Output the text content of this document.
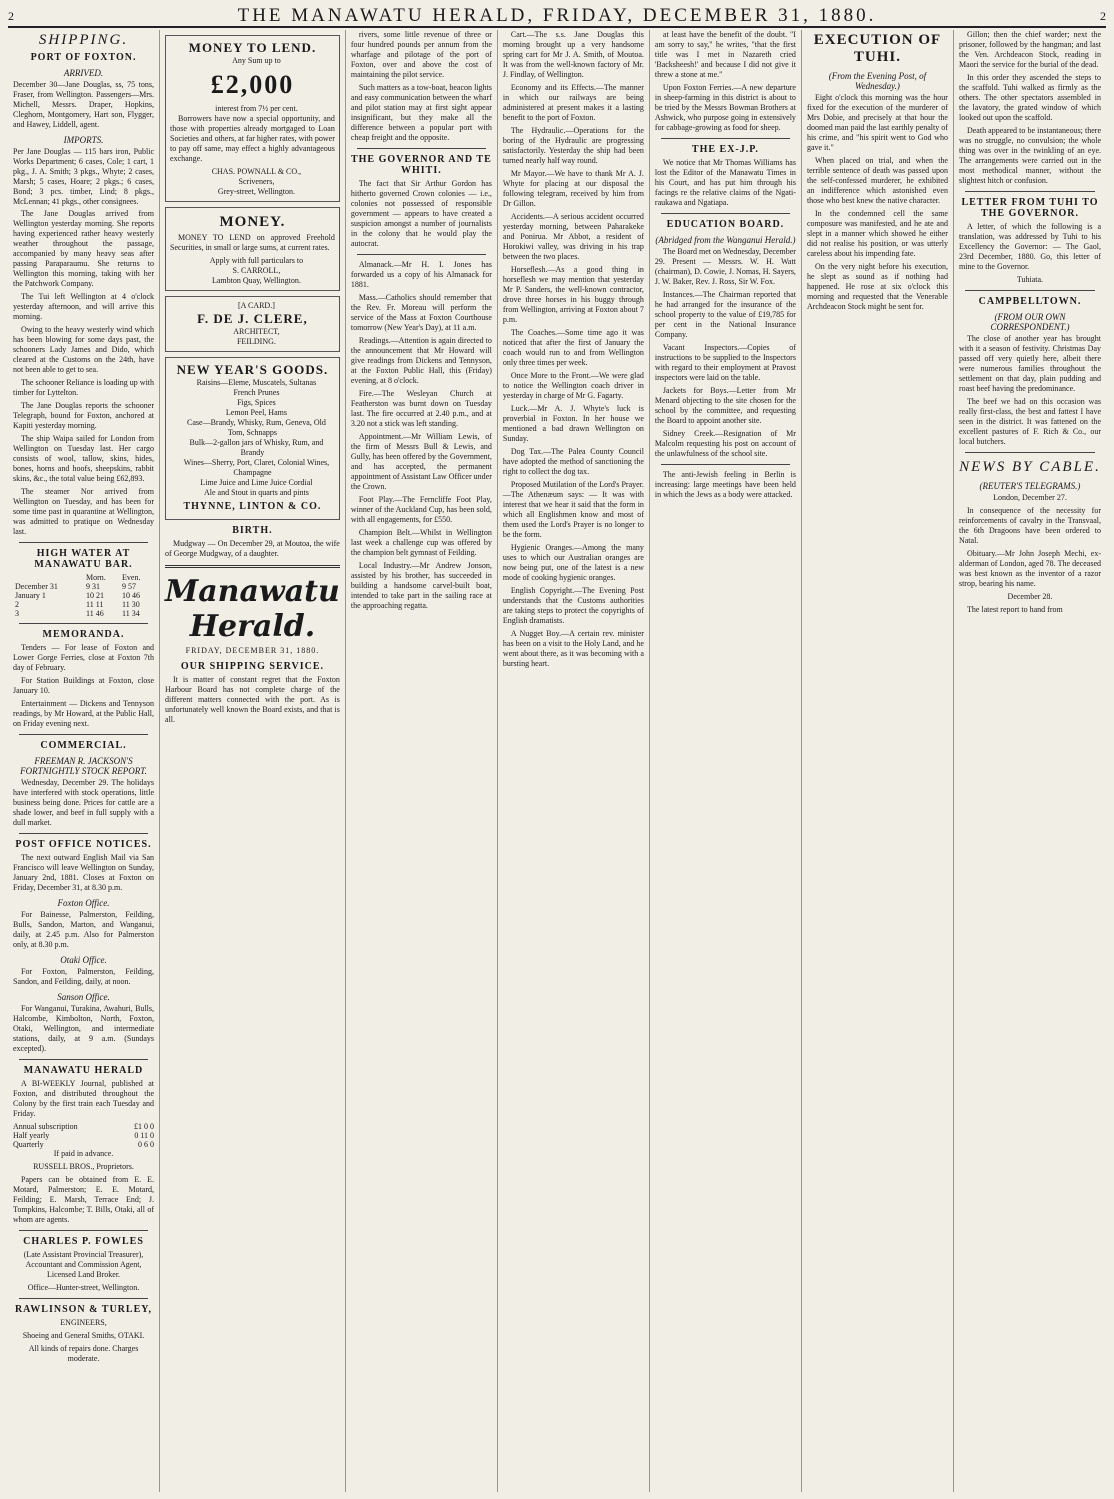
2	THE MANAWATU HERALD, FRIDAY, DECEMBER 31, 1880.	2
SHIPPING.
PORT OF FOXTON.
ARRIVED.
December 30—Jane Douglas, ss, 75 tons, Fraser, from Wellington. Passengers—Mrs. Michell, Messrs. Draper, Hopkins, Cleghorn, Montgomery, Hart son, Flygger, and Hawey, Liddell, agent.
IMPORTS.
Per Jane Douglas — 115 bars iron, Public Works Department; 6 cases, Cole; 1 cart, 1 pkg., J. A. Smith; 3 pkgs., Whyte; 2 cases, Marsh; 5 cases, Hoare; 2 pkgs.; 6 cases, Bond; 3 pcs. timber, Lind; 8 pkgs., McLennan; 41 pkgs., other consignees.

The Jane Douglas arrived from Wellington yesterday morning. She reports having experienced rather heavy westerly weather throughout the passage, accompanied by many heavy seas after passing Paraparaumu. She returns to Wellington this morning, taking with her the Patchwork Company.

The Tui left Wellington at 4 o'clock yesterday afternoon, and will arrive this morning.

Owing to the heavy westerly wind which has been blowing for some days past, the schooners Lady James and Dido, which cleared at the Customs on the 24th, have not been able to get to sea.

The schooner Reliance is loading up with timber for Lyttelton.

The Jane Douglas reports the schooner Telegraph, bound for Foxton, anchored at Kapiti yesterday morning.

The ship Waipa sailed for London from Wellington on Tuesday last. Her cargo consists of wool, tallow, skins, hides, bones, horns and hoofs, sheepskins, rabbit skins, &c., the total value being £62,893.

The steamer Nor arrived from Wellington on Tuesday, and has been for some time past in quarantine at Wellington, was admitted to pratique on Wednesday last.

HIGH WATER AT MANAWATU BAR.
	Morn.	Even.
December 31	9 31	9 57
January 1	10 21	10 46
2	11 11	11 30
3	11 46	11 34
MEMORANDA.

Tenders — For lease of Foxton and Lower Gorge Ferries, close at Foxton 7th day of February.

For Station Buildings at Foxton, close January 10.

Entertainment — Dickens and Tennyson readings, by Mr Howard, at the Public Hall, on Friday evening next.

COMMERCIAL.
FREEMAN R. JACKSON'S FORTNIGHTLY STOCK REPORT.

Wednesday, December 29. The holidays have interfered with stock operations, little business being done. Prices for cattle are a shade lower, and beef in full supply with a dull market.

POST OFFICE NOTICES.

The next outward English Mail via San Francisco will leave Wellington on Sunday, January 2nd, 1881. Closes at Foxton on Friday, December 31, at 8.30 p.m.

Foxton Office.

For Bainesse, Palmerston, Feilding, Bulls, Sandon, Marton, and Wanganui, daily, at 2.45 p.m. Also for Palmerston only, at 8.30 p.m.

Otaki Office.

For Foxton, Palmerston, Feilding, Sandon, and Feilding, daily, at noon.

Sanson Office.

For Wanganui, Turakina, Awahuri, Bulls, Halcombe, Kimbolton, North, Foxton, Otaki, Wellington, and intermediate stations, daily, at 9 a.m. (Sundays excepted).

MANAWATU HERALD

A BI-WEEKLY Journal, published at Foxton, and distributed throughout the Colony by the first train each Tuesday and Friday.

Annual subscription	£1 0 0
Half yearly	0 11 0
Quarterly	0 6 0

If paid in advance.

RUSSELL BROS., Proprietors.

Papers can be obtained from E. E. Motard, Palmerston; E. E. Motard, Feilding; E. Marsh, Terrace End; J. Tompkins, Halcombe; T. Bills, Otaki, all of whom are agents.

CHARLES P. FOWLES

(Late Assistant Provincial Treasurer), Accountant and Commission Agent, Licensed Land Broker.

Office—Hunter-street, Wellington.

RAWLINSON & TURLEY,

ENGINEERS,

Shoeing and General Smiths, OTAKI.

All kinds of repairs done. Charges moderate.

MONEY TO LEND.

Any Sum up to

£2,000

interest from 7½ per cent.

Borrowers have now a special opportunity, and those with properties already mortgaged to Loan Societies and others, at far higher rates, with power to pay off same, may effect a highly advantageous exchange.

CHAS. POWNALL & CO.,

Scriveners,

Grey-street, Wellington.

MONEY.

MONEY TO LEND on approved Freehold Securities, in small or large sums, at current rates.

Apply with full particulars to

S. CARROLL,

Lambton Quay, Wellington.

[A CARD.]

F. DE J. CLERE,

ARCHITECT,

FEILDING.

NEW YEAR'S GOODS.

Raisins—Eleme, Muscatels, Sultanas

French Prunes

Figs, Spices

Lemon Peel, Hams

Case—Brandy, Whisky, Rum, Geneva, Old Tom, Schnapps

Bulk—2-gallon jars of Whisky, Rum, and Brandy

Wines—Sherry, Port, Claret, Colonial Wines, Champagne

Lime Juice and Lime Juice Cordial

Ale and Stout in quarts and pints

THYNNE, LINTON & CO.
BIRTH.

Mudgway — On December 29, at Moutoa, the wife of George Mudgway, of a daughter.

Manawatu Herald.
FRIDAY, DECEMBER 31, 1880.
OUR SHIPPING SERVICE.

It is matter of constant regret that the Foxton Harbour Board has not complete charge of the different matters connected with the port. As is unfortunately well known the Board exists, and that is all.

rivers, some little revenue of three or four hundred pounds per annum from the wharfage and pilotage of the port of Foxton, over and above the cost of maintaining the pilot service.

Such matters as a tow-boat, beacon lights and easy communication between the wharf and pilot station may at first sight appear insignificant, but they make all the difference between a popular port with cheap freight and the opposite.

THE GOVERNOR AND TE WHITI.

The fact that Sir Arthur Gordon has hitherto governed Crown colonies — i.e., colonies not possessed of responsible government — appears to have created a suspicion amongst a number of journalists in the colony that he would play the autocrat.

Almanack.—Mr H. I. Jones has forwarded us a copy of his Almanack for 1881.

Mass.—Catholics should remember that the Rev. Fr. Moreau will perform the service of the Mass at Foxton Courthouse tomorrow (New Year's Day), at 11 a.m.

Readings.—Attention is again directed to the announcement that Mr Howard will give readings from Dickens and Tennyson, at the Foxton Public Hall, this (Friday) evening, at 8 o'clock.

Fire.—The Wesleyan Church at Featherston was burnt down on Tuesday last. The fire occurred at 2.40 p.m., and at 3.20 not a stick was left standing.

Appointment.—Mr William Lewis, of the firm of Messrs Bull & Lewis, and Gully, has been offered by the Government, and has accepted, the permanent appointment of Assistant Law Officer under the Crown.

Foot Play.—The Ferncliffe Foot Play, winner of the Auckland Cup, has been sold, with all engagements, for £550.

Champion Belt.—Whilst in Wellington last week a challenge cup was offered by the champion belt gymnast of Feilding.

Local Industry.—Mr Andrew Jonson, assisted by his brother, has succeeded in building a handsome carvel-built boat, intended to take part in the sailing race at the approaching regatta.

Cart.—The s.s. Jane Douglas this morning brought up a very handsome spring cart for Mr J. A. Smith, of Moutoa. It was from the well-known factory of Mr. J. Findlay, of Wellington.

Economy and its Effects.—The manner in which our railways are being administered at present makes it a lasting benefit to the port of Foxton.

The Hydraulic.—Operations for the boring of the Hydraulic are progressing satisfactorily. Yesterday the ship had been turned nearly half way round.

Mr Mayor.—We have to thank Mr A. J. Whyte for placing at our disposal the following telegram, received by him from Dr Gillon.

Accidents.—A serious accident occurred yesterday morning, between Paharakeke and Ponirua. Mr Abbot, a resident of Horokiwi valley, was driving in his trap between the two places.

Horseflesh.—As a good thing in horseflesh we may mention that yesterday Mr P. Sanders, the well-known contractor, drove three horses in his buggy through from Wellington, arriving at Foxton about 7 p.m.

The Coaches.—Some time ago it was noticed that after the first of January the coach would run to and from Wellington only three times per week.

Once More to the Front.—We were glad to notice the Wellington coach driver in yesterday in charge of Mr G. Fagarty.

Luck.—Mr A. J. Whyte's luck is proverbial in Foxton. In her house we mentioned a bad drawn Wellington on Sunday.

Dog Tax.—The Palea County Council have adopted the method of sanctioning the right to collect the dog tax.

Proposed Mutilation of the Lord's Prayer.—The Athenæum says: — It was with interest that we hear it said that the form in which all Englishmen know and most of them used the Lord's Prayer is no longer to be the form.

Hygienic Oranges.—Among the many uses to which our Australian oranges are now being put, one of the latest is a new mode of cooking hygienic oranges.

English Copyright.—The Evening Post understands that the Customs authorities are taking steps to protect the copyrights of English dramatists.

A Nugget Boy.—A certain rev. minister has been on a visit to the Holy Land, and he went about there, as it was becoming with a bursting heart.

at least have the benefit of the doubt. "I am sorry to say," he writes, "that the first title was I met in Nazareth cried 'Backsheesh!' and because I did not give it threw a stone at me."

Upon Foxton Ferries.—A new departure in sheep-farming in this district is about to be tried by the Messrs Bowman Brothers at Ashwick, who purpose going in extensively for cabbage-growing as food for sheep.

THE EX-J.P.

We notice that Mr Thomas Williams has lost the Editor of the Manawatu Times in his Court, and has put him through his facings re the relative claims of the Ngati-raukawa and Ngatiapa.

EDUCATION BOARD.
(Abridged from the Wanganui Herald.)

The Board met on Wednesday, December 29. Present — Messrs. W. H. Watt (chairman), D. Cowie, J. Nomas, H. Sayers, J. W. Baker, Rev. J. Ross, Sir W. Fox.

Instances.—The Chairman reported that he had arranged for the insurance of the school property to the value of £19,785 for per cent in the National Insurance Company.

Vacant Inspectors.—Copies of instructions to be supplied to the Inspectors with regard to their employment at Pravost inspectors were laid on the table.

Jackets for Boys.—Letter from Mr Menard objecting to the site chosen for the school by the committee, and requesting the Board to appoint another site.

Sidney Creek.—Resignation of Mr Malcolm requesting his post on account of the unlawfulness of the school site.

The anti-Jewish feeling in Berlin is increasing: large meetings have been held in which the Jews as a body were attacked.

EXECUTION OF TUHI.
(From the Evening Post, of Wednesday.)

Eight o'clock this morning was the hour fixed for the execution of the murderer of Mrs Dobie, and precisely at that hour the doomed man paid the last earthly penalty of his crime, and "his spirit went to God who gave it."

When placed on trial, and when the terrible sentence of death was passed upon the self-confessed murderer, he exhibited an indifference which astonished even those who best knew the native character.

In the condemned cell the same composure was manifested, and he ate and slept in a manner which showed he either did not realise his position, or was utterly careless about his impending fate.

On the very night before his execution, he slept as sound as if nothing had happened. He rose at six o'clock this morning and requested that the Venerable Archdeacon Stock might be sent for.

Gillon; then the chief warder; next the prisoner, followed by the hangman; and last the Ven. Archdeacon Stock, reading in Maori the service for the burial of the dead.

In this order they ascended the steps to the scaffold. Tuhi walked as firmly as the others. The other spectators assembled in the lavatory, the grated window of which looked out upon the scaffold.

Death appeared to be instantaneous; there was no struggle, no convulsion; the whole thing was over in the twinkling of an eye. The arrangements were carried out in the most methodical manner, without the slightest hitch or confusion.

LETTER FROM TUHI TO THE GOVERNOR.

A letter, of which the following is a translation, was addressed by Tuhi to his Excellency the Governor: — The Gaol, 23rd December, 1880. Go, this letter of mine to the Governor.

Tuhiata.

CAMPBELLTOWN.
(FROM OUR OWN CORRESPONDENT.)

The close of another year has brought with it a season of festivity. Christmas Day passed off very quietly here, albeit there were numerous families throughout the settlement on that day, plain pudding and roast beef having the predominance.

The beef we had on this occasion was really first-class, the best and fattest I have seen in the district. It was fattened on the excellent pastures of F. Rich & Co., our local butchers.

NEWS BY CABLE.
(REUTER'S TELEGRAMS.)

London, December 27.

In consequence of the necessity for reinforcements of cavalry in the Transvaal, the 6th Dragoons have been ordered to Natal.

Obituary.—Mr John Joseph Mechi, ex-alderman of London, aged 78. The deceased was best known as the inventor of a razor strop, bearing his name.

December 28.

The latest report to hand from
